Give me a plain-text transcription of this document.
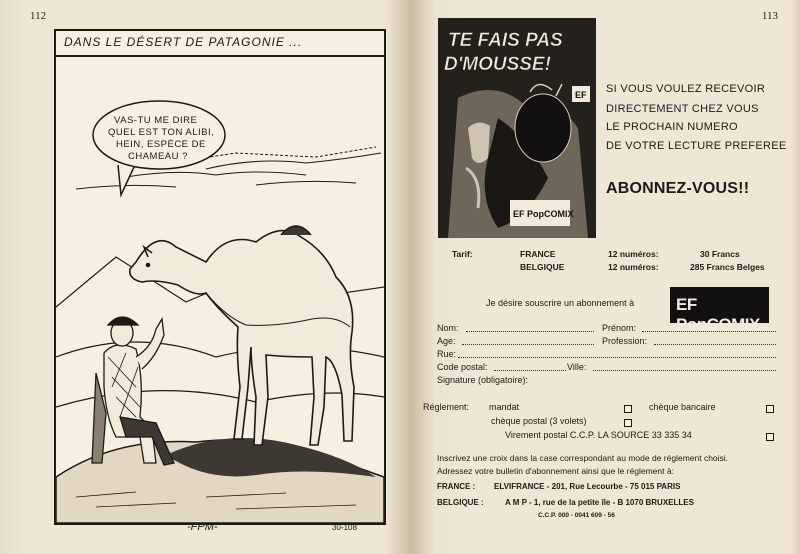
112
DANS LE DÉSERT DE PATAGONIE ...
VAS-TU ME DIRE QUEL EST TON ALIBI, HEIN, ESPÈCE DE CHAMEAU ?
-FPM-	30-108
113
TE FAIS PAS
D'MOUSSE!
EF
EF PopCOMIX
SI VOUS VOULEZ RECEVOIR
DIRECTEMENT CHEZ VOUS
LE PROCHAIN NUMERO
DE VOTRE LECTURE PREFEREE
ABONNEZ-VOUS!!
Tarif:	FRANCE	12 numéros:	30 Francs
BELGIQUE	12 numéros:	285 Francs Belges
Je désire souscrire un abonnement à EF PopCOMIX
Nom:	Prénom:
Age:	Profession:
Rue:
Code postal:	Ville:
Signature (obligatoire):
Réglement: mandat	chèque bancaire
chèque postal (3 volets)
Virement postal C.C.P. LA SOURCE 33 335 34
Inscrivez une croix dans la case correspondant au mode de réglement choisi.
Adressez votre bulletin d'abonnement ainsi que le réglement à:
FRANCE : ELVIFRANCE - 201, Rue Lecourbe - 75 015 PARIS
BELGIQUE :	A M P - 1, rue de la petite île - B 1070 BRUXELLES
C.C.P. 000 - 0041 609 - 56
